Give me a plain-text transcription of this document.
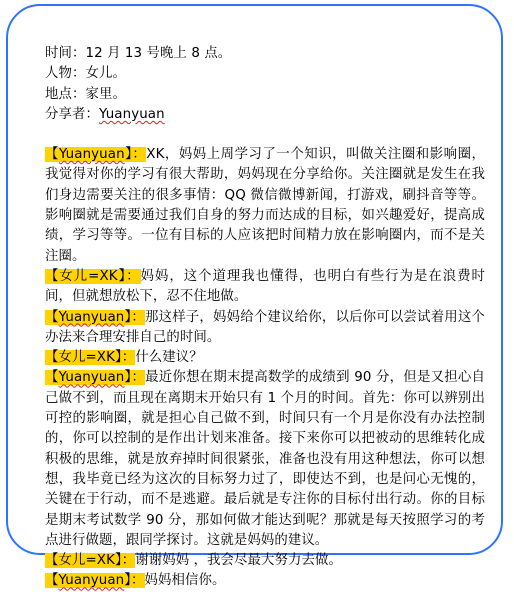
时间：12 月 13 号晚上 8 点。
人物：女儿。
地点：家里。
分享者：Yuanyuan
【Yuanyuan】：XK，妈妈上周学习了一个知识，叫做关注圈和影响圈，我觉得对你的学习有很大帮助，妈妈现在分享给你。关注圈就是发生在我们身边需要关注的很多事情：QQ 微信微博新闻，打游戏，刷抖音等等。影响圈就是需要通过我们自身的努力而达成的目标，如兴趣爱好，提高成绩，学习等等。一位有目标的人应该把时间精力放在影响圈内，而不是关注圈。
【女儿=XK】：妈妈，这个道理我也懂得，也明白有些行为是在浪费时间，但就想放松下，忍不住地做。
【Yuanyuan】：那这样子，妈妈给个建议给你，以后你可以尝试着用这个办法来合理安排自己的时间。
【女儿=XK】：什么建议？
【Yuanyuan】：最近你想在期末提高数学的成绩到 90 分，但是又担心自己做不到，而且现在离期末开始只有 1 个月的时间。首先：你可以辨别出可控的影响圈，就是担心自己做不到，时间只有一个月是你没有办法控制的，你可以控制的是作出计划来准备。接下来你可以把被动的思维转化成积极的思维，就是放弃掉时间很紧张，准备也没有用这种想法，你可以想想，我毕竟已经为这次的目标努力过了，即使达不到，也是问心无愧的，关键在于行动，而不是逃避。最后就是专注你的目标付出行动。你的目标是期末考试数学 90 分，那如何做才能达到呢？那就是每天按照学习的考点进行做题，跟同学探讨。这就是妈妈的建议。
【女儿=XK】：谢谢妈妈 ，我会尽最大努力去做。
【Yuanyuan】：妈妈相信你。
